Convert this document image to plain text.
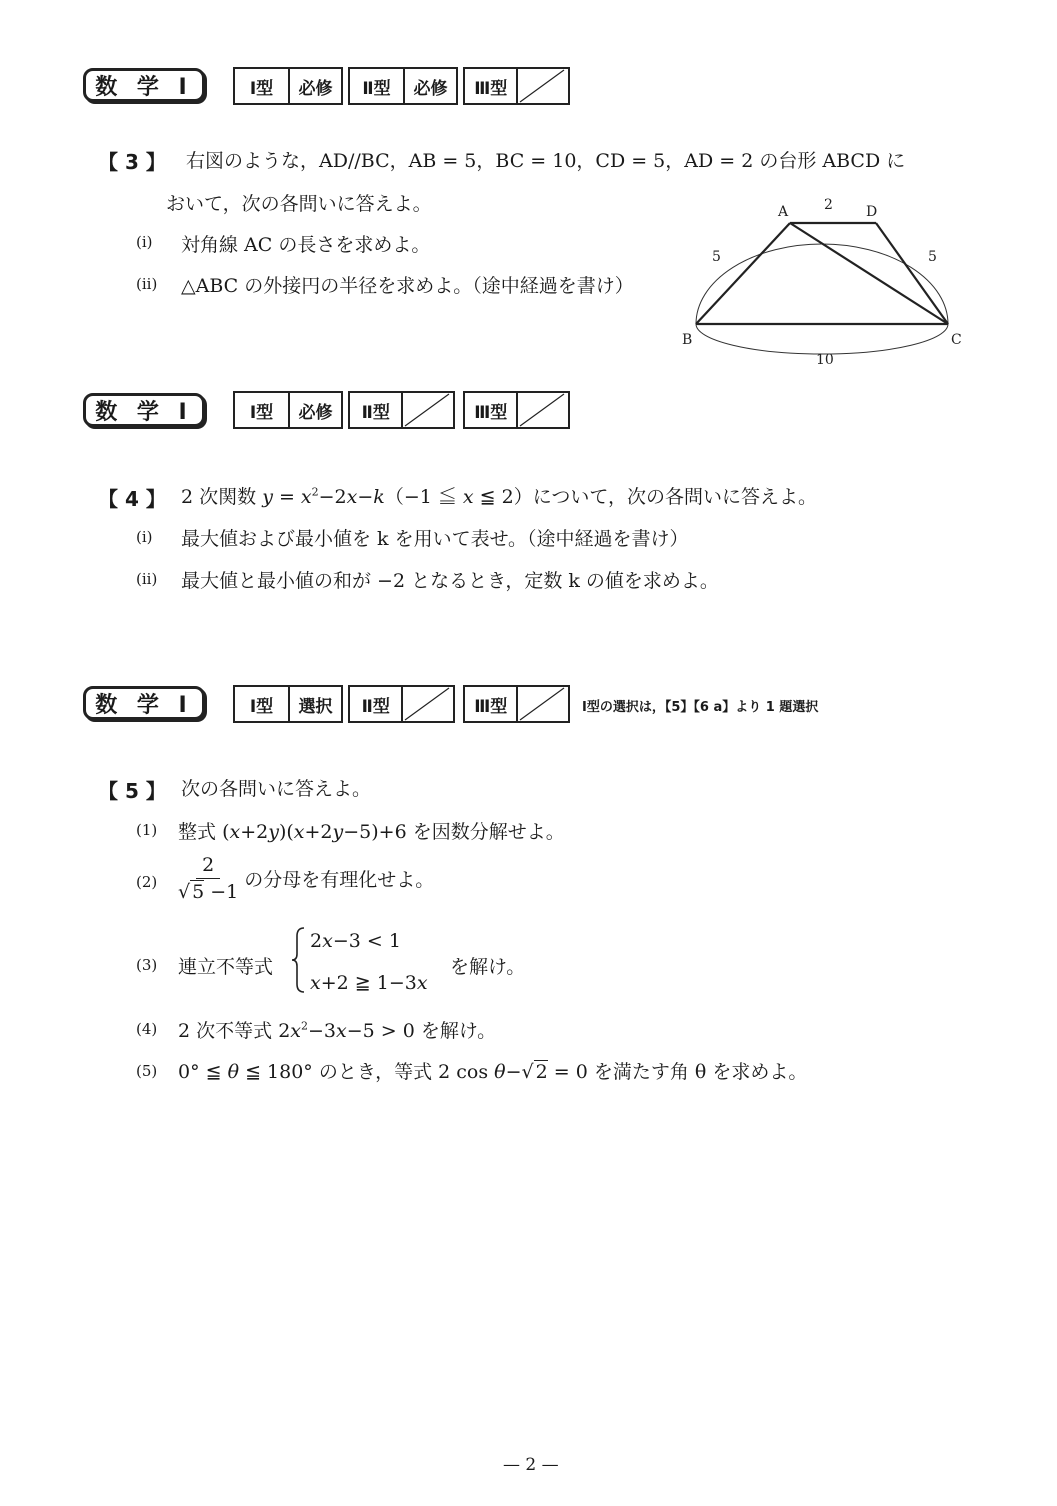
数 学 Ⅰ	Ⅰ型	必修	Ⅱ型	必修	Ⅲ型
【 3 】 右図のような，AD//BC，AB = 5，BC = 10，CD = 5，AD = 2 の台形 ABCD に
おいて，次の各問いに答えよ。
(i) 対角線 AC の長さを求めよ。
(ii) △ABC の外接円の半径を求めよ。（途中経過を書け）
A	D
B	C
2
5	5
10
数 学 Ⅰ	Ⅰ型	必修	Ⅱ型	Ⅲ型
【 4 】 2 次関数 $y = x^2-2x-k(-1$ ≦ x ≦ 2）について，次の各問いに答えよ。
(i) 最大値および最小値を k を用いて表せ。（途中経過を書け）
(ii) 最大値と最小値の和が −2 となるとき，定数 k の値を求めよ。
数 学 Ⅰ	Ⅰ型	選択	Ⅱ型	Ⅲ型	Ⅰ型の選択は，【5】【6 a】より 1 題選択
【 5 】 次の各問いに答えよ。
(1) 整式 (x+2y)(x+2y−5)+6 を因数分解せよ。
$(2) \frac{2}{√ 5 -1}$ の分母を有理化せよ。
(3) 連立不等式
2x−3 < 1
x+2 ≧ 1−3x
を解け。
(4) 2 次不等式 $2x^2-3x-5 > 0$ を解け。
(5) 0° ≦ θ ≦ 180° のとき，等式 2 cos θ−√ 2 = 0 を満たす角 θ を求めよ。
— 2 —
